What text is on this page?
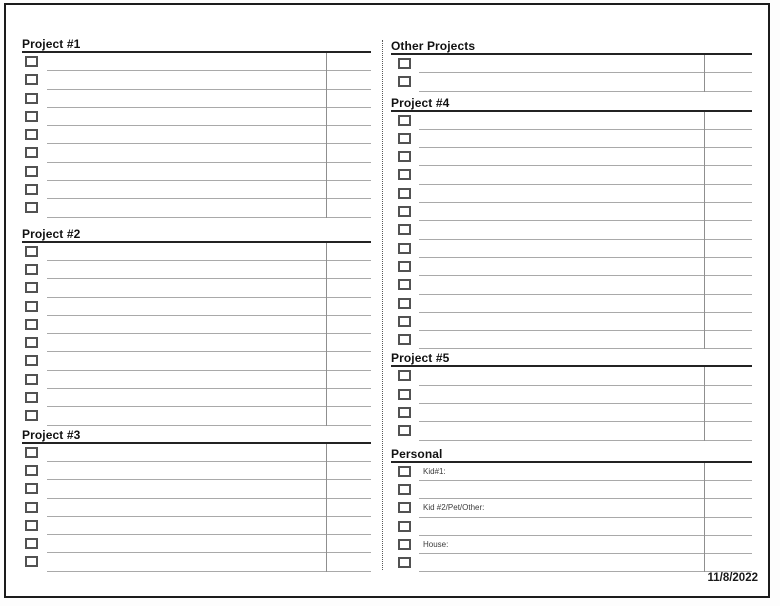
Project #1
Project #2
Project #3
Other Projects
Project #4
Project #5
Personal
Kid#1:
Kid #2/Pet/Other:
House:
11/8/2022
